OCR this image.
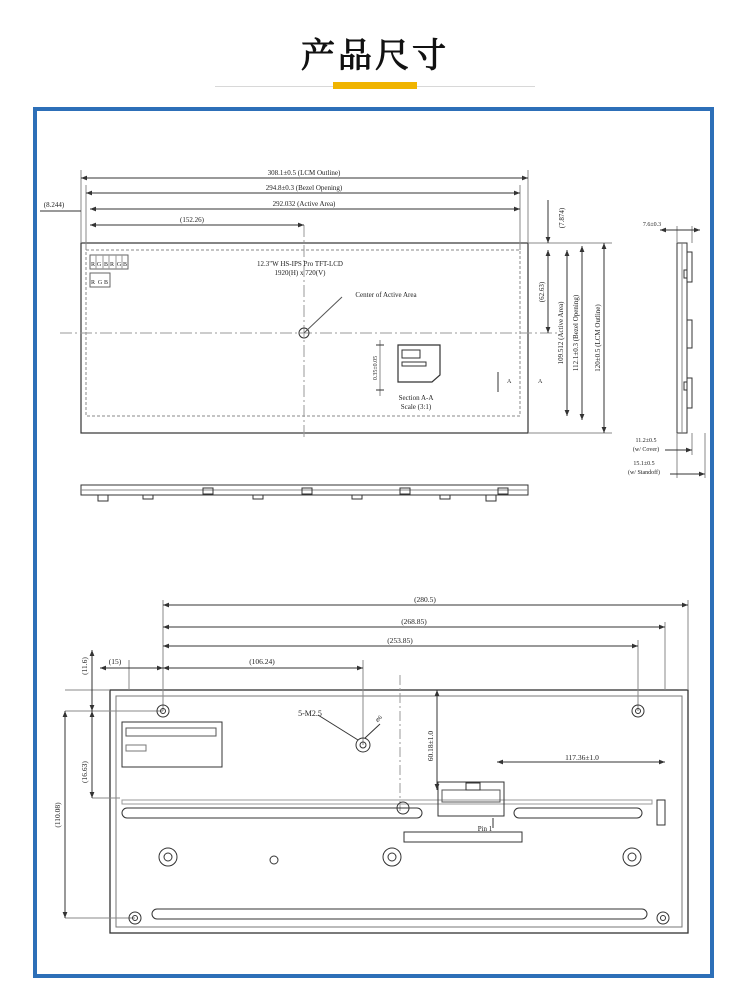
产品尺寸
308.1±0.5 (LCM Outline)
294.8±0.3 (Bezel Opening)
292.032 (Active Area)
(8.244)
(152.26)	(7.874)
(62.63)
109.512 (Active Area) 112.1±0.3 (Bezel Opening) 120±0.5 (LCM Outline)
12.3"W HS-IPS Pro TFT-LCD
1920(H) x 720(V)
R G B R G B
R G B
Center of Active Area
0.35±0.05
Section A-A
Scale (3:1)
A	A
7.6±0.3
11.2±0.5
(w/ Cover)
15.1±0.5
(w/ Standoff)
(280.5)
(268.85)
(253.85)
(15)	(106.24)
(11.6)
(16.63)
(110.08)
60.18±1.0	117.36±1.0
5-M2.5
⌀6
Pin 1
